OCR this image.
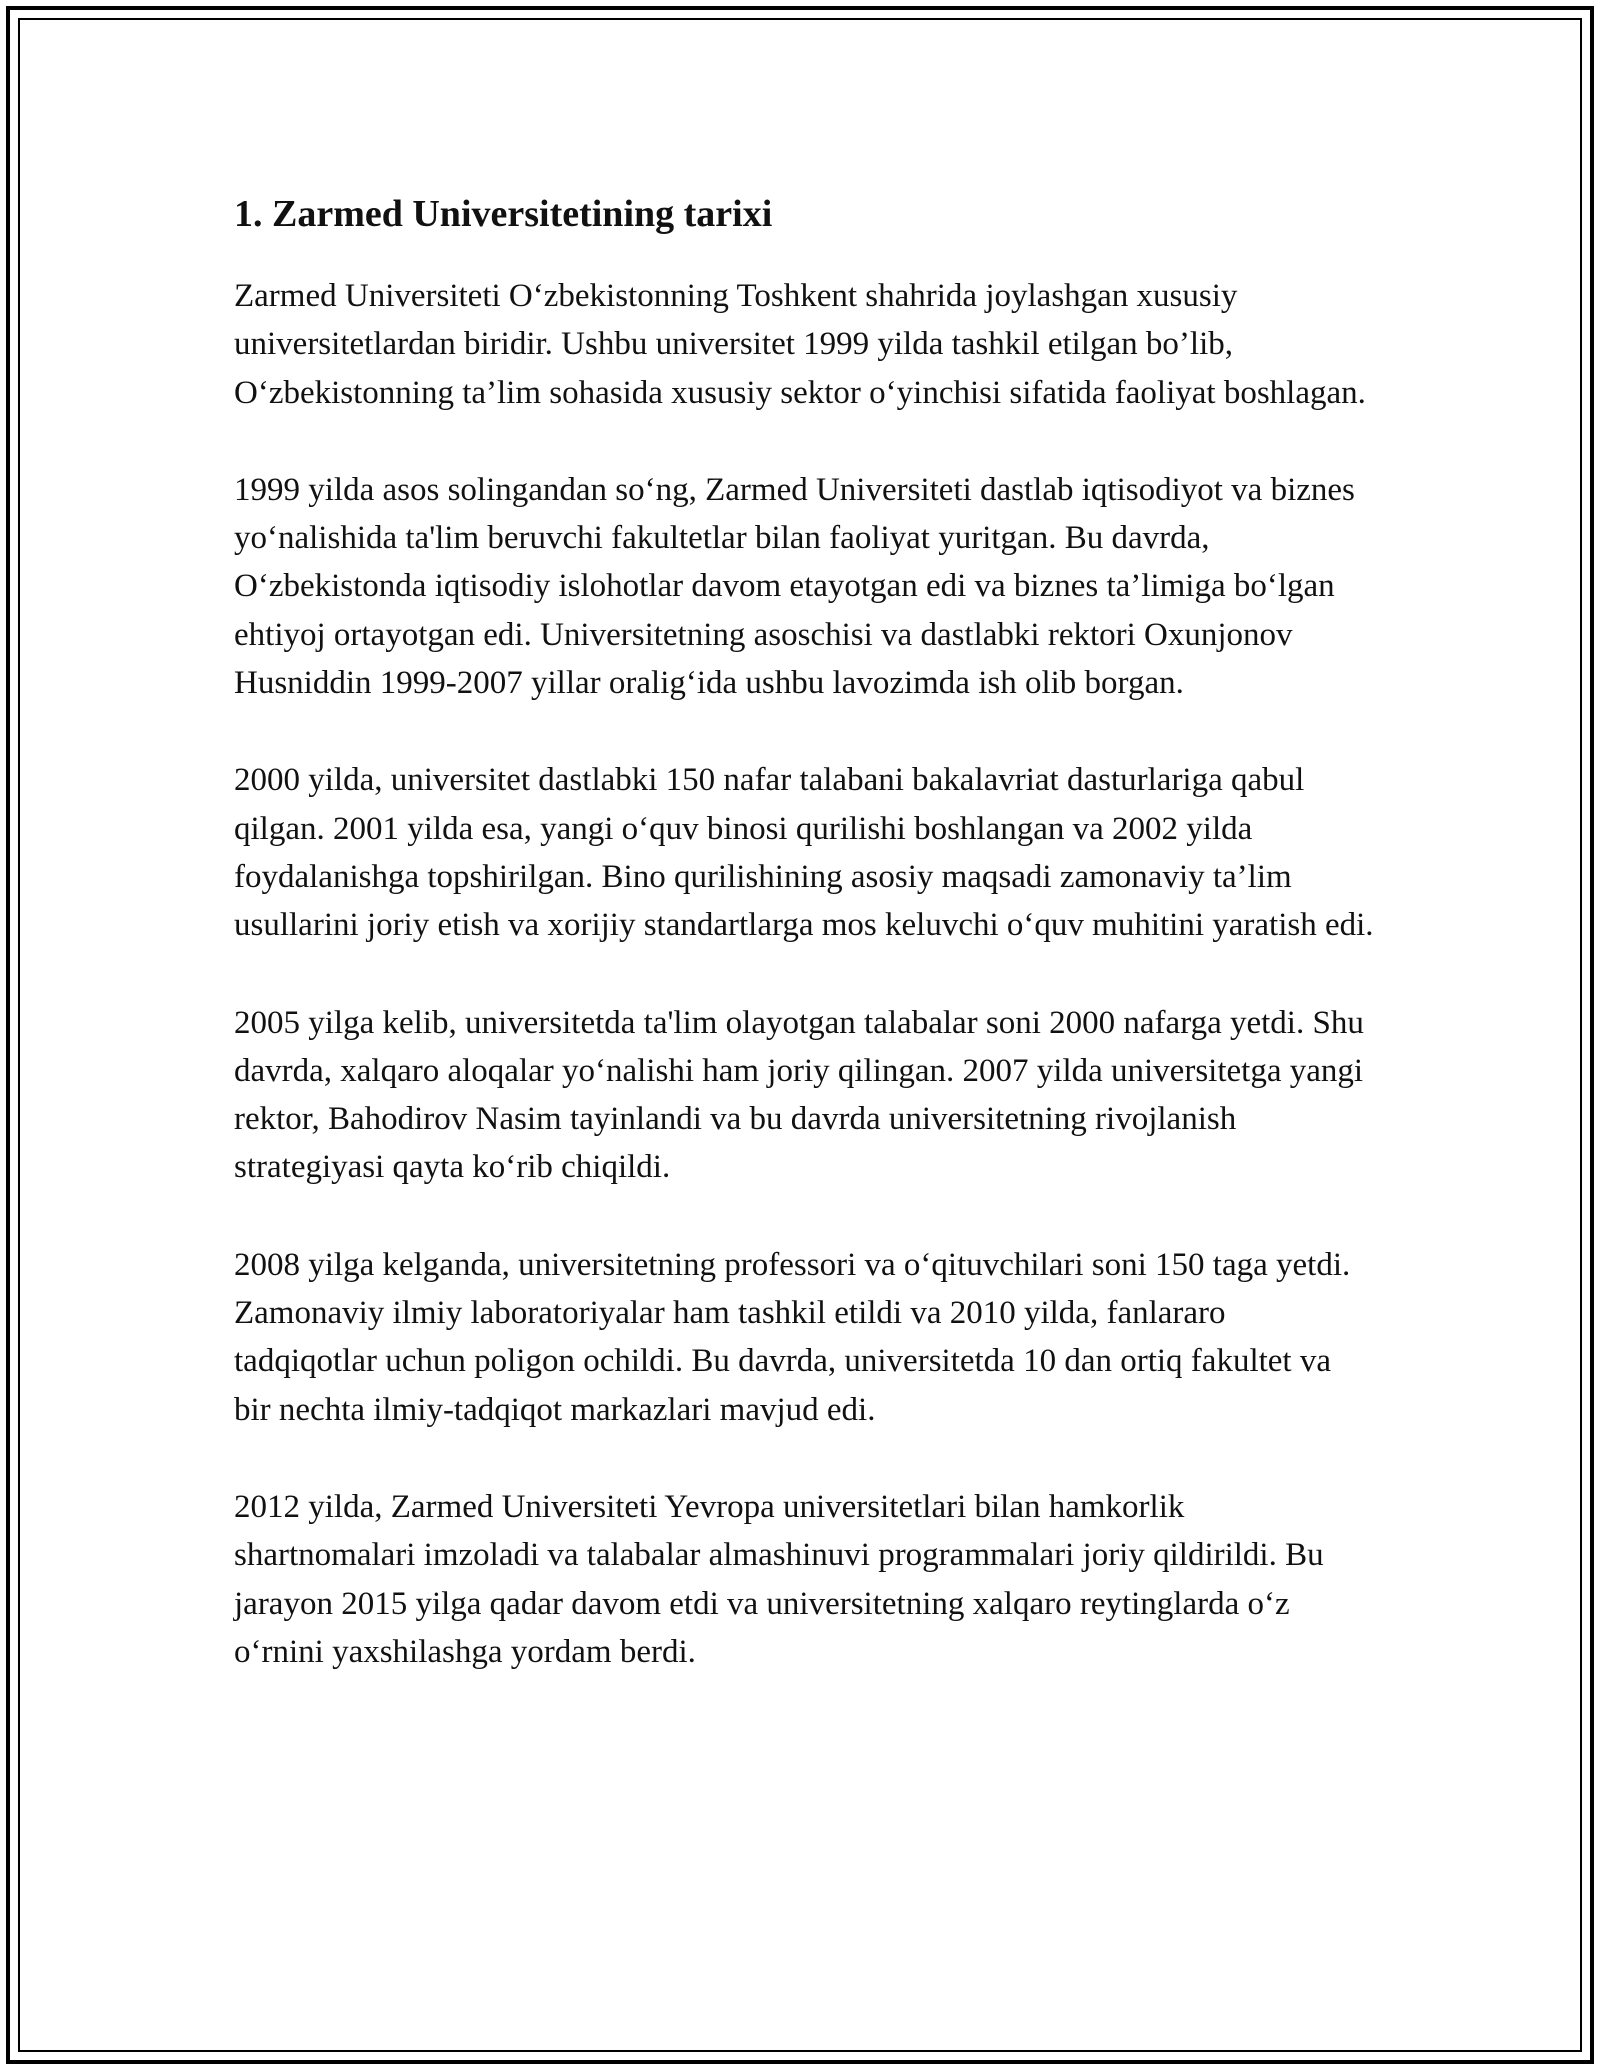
1. Zarmed Universitetining tarixi

Zarmed Universiteti O‘zbekistonning Toshkent shahrida joylashgan xususiy universitetlardan biridir. Ushbu universitet 1999 yilda tashkil etilgan bo’lib, O‘zbekistonning ta’lim sohasida xususiy sektor o‘yinchisi sifatida faoliyat boshlagan.

1999 yilda asos solingandan so‘ng, Zarmed Universiteti dastlab iqtisodiyot va biznes yo‘nalishida ta'lim beruvchi fakultetlar bilan faoliyat yuritgan. Bu davrda, O‘zbekistonda iqtisodiy islohotlar davom etayotgan edi va biznes ta’limiga bo‘lgan ehtiyoj ortayotgan edi. Universitetning asoschisi va dastlabki rektori Oxunjonov Husniddin 1999-2007 yillar oralig‘ida ushbu lavozimda ish olib borgan.

2000 yilda, universitet dastlabki 150 nafar talabani bakalavriat dasturlariga qabul qilgan. 2001 yilda esa, yangi o‘quv binosi qurilishi boshlangan va 2002 yilda foydalanishga topshirilgan. Bino qurilishining asosiy maqsadi zamonaviy ta’lim usullarini joriy etish va xorijiy standartlarga mos keluvchi o‘quv muhitini yaratish edi.

2005 yilga kelib, universitetda ta'lim olayotgan talabalar soni 2000 nafarga yetdi. Shu davrda, xalqaro aloqalar yo‘nalishi ham joriy qilingan. 2007 yilda universitetga yangi rektor, Bahodirov Nasim tayinlandi va bu davrda universitetning rivojlanish strategiyasi qayta ko‘rib chiqildi.

2008 yilga kelganda, universitetning professori va o‘qituvchilari soni 150 taga yetdi. Zamonaviy ilmiy laboratoriyalar ham tashkil etildi va 2010 yilda, fanlararo tadqiqotlar uchun poligon ochildi. Bu davrda, universitetda 10 dan ortiq fakultet va bir nechta ilmiy-tadqiqot markazlari mavjud edi.

2012 yilda, Zarmed Universiteti Yevropa universitetlari bilan hamkorlik shartnomalari imzoladi va talabalar almashinuvi programmalari joriy qildirildi. Bu jarayon 2015 yilga qadar davom etdi va universitetning xalqaro reytinglarda o‘z o‘rnini yaxshilashga yordam berdi.
